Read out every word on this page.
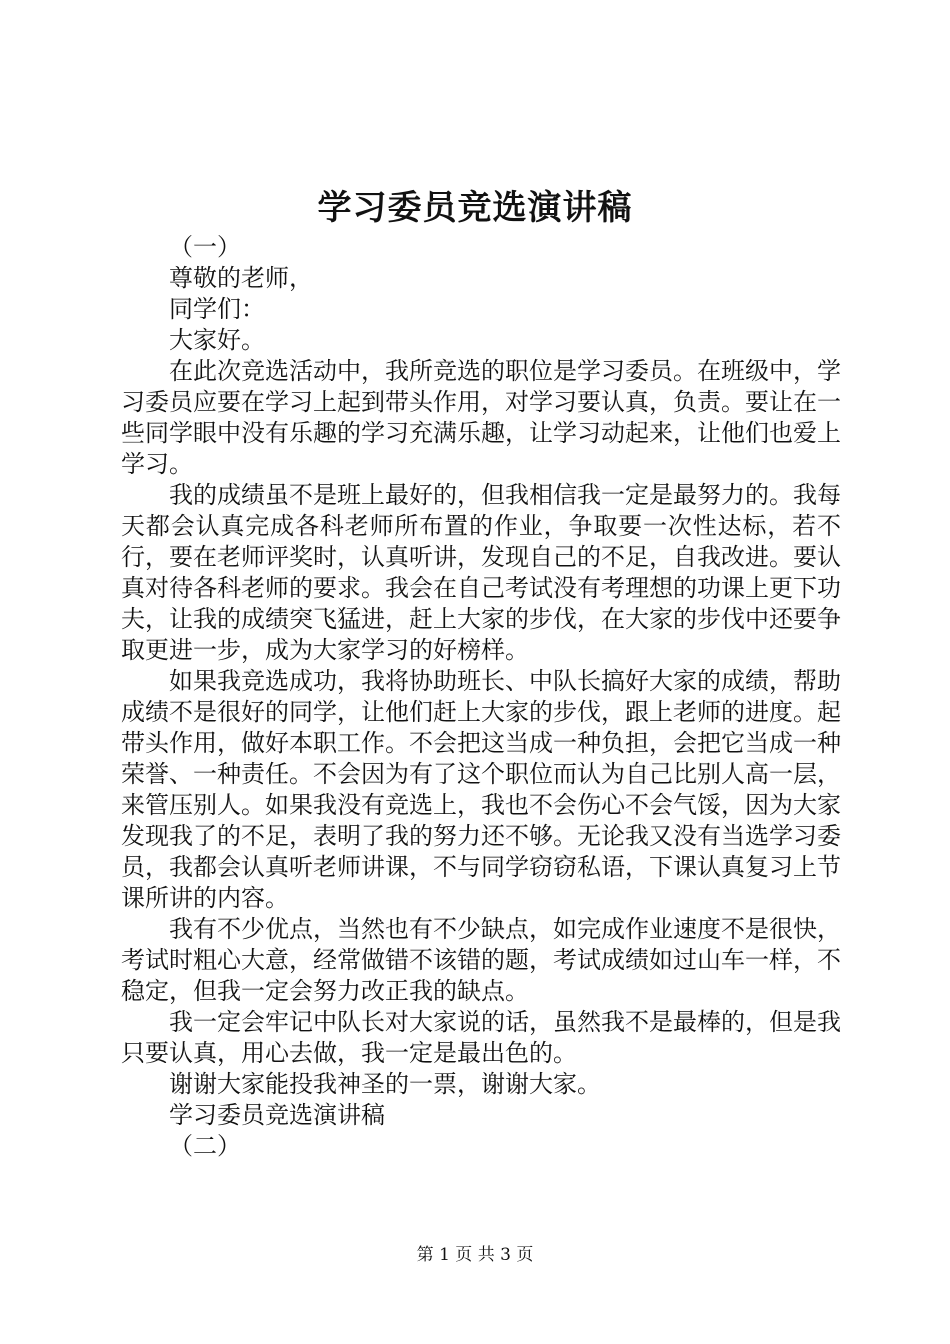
学习委员竞选演讲稿

（一）

尊敬的老师，

同学们：

大家好。

在此次竞选活动中，我所竞选的职位是学习委员。在班级中，学习委员应要在学习上起到带头作用，对学习要认真，负责。要让在一些同学眼中没有乐趣的学习充满乐趣，让学习动起来，让他们也爱上学习。

我的成绩虽不是班上最好的，但我相信我一定是最努力的。我每天都会认真完成各科老师所布置的作业，争取要一次性达标，若不行，要在老师评奖时，认真听讲，发现自己的不足，自我改进。要认真对待各科老师的要求。我会在自己考试没有考理想的功课上更下功夫，让我的成绩突飞猛进，赶上大家的步伐，在大家的步伐中还要争取更进一步，成为大家学习的好榜样。

如果我竞选成功，我将协助班长、中队长搞好大家的成绩，帮助成绩不是很好的同学，让他们赶上大家的步伐，跟上老师的进度。起带头作用，做好本职工作。不会把这当成一种负担，会把它当成一种荣誉、一种责任。不会因为有了这个职位而认为自己比别人高一层，来管压别人。如果我没有竞选上，我也不会伤心不会气馁，因为大家发现我了的不足，表明了我的努力还不够。无论我又没有当选学习委员，我都会认真听老师讲课，不与同学窃窃私语，下课认真复习上节课所讲的内容。

我有不少优点，当然也有不少缺点，如完成作业速度不是很快，考试时粗心大意，经常做错不该错的题，考试成绩如过山车一样，不稳定，但我一定会努力改正我的缺点。

我一定会牢记中队长对大家说的话，虽然我不是最棒的，但是我只要认真，用心去做，我一定是最出色的。

谢谢大家能投我神圣的一票，谢谢大家。

学习委员竞选演讲稿

（二）

第 1 页 共 3 页
